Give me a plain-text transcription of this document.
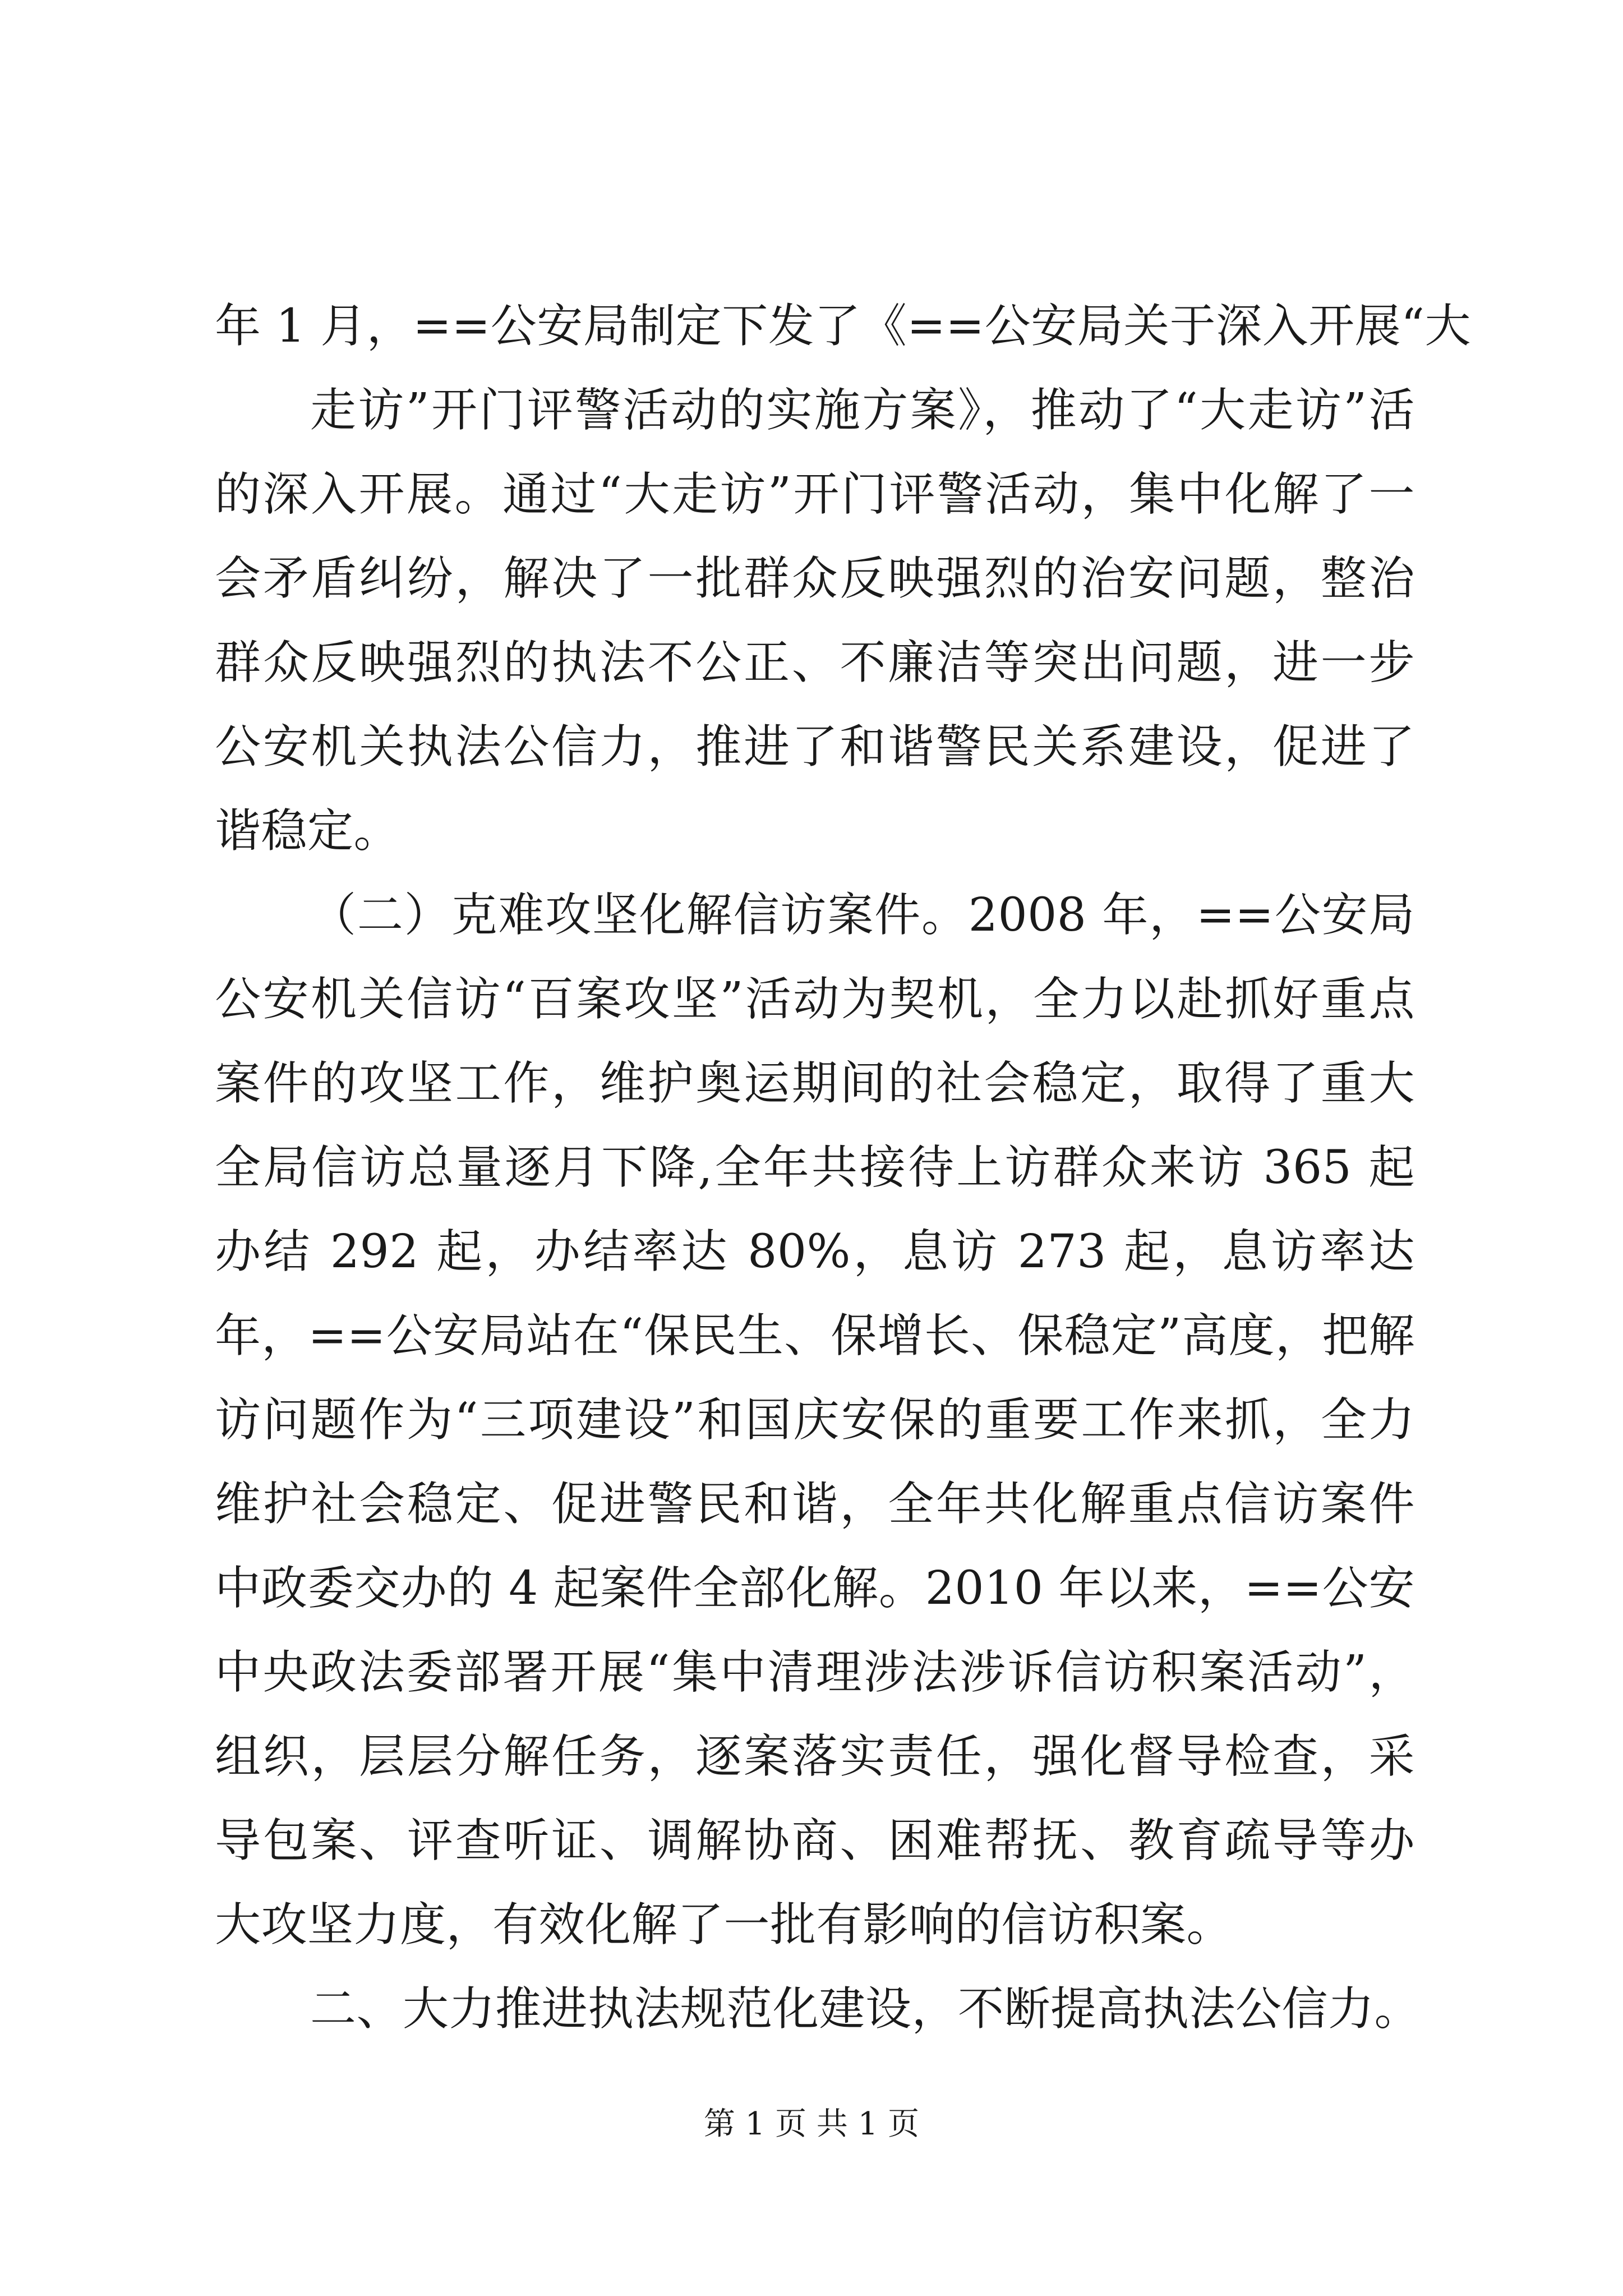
年 1 月，==公安局制定下发了《==公安局关于深入开展“大
走访”开门评警活动的实施方案》，推动了“大走访”活
的深入开展。通过“大走访”开门评警活动，集中化解了一
会矛盾纠纷，解决了一批群众反映强烈的治安问题，整治
群众反映强烈的执法不公正、不廉洁等突出问题，进一步
公安机关执法公信力，推进了和谐警民关系建设，促进了
谐稳定。
（二）克难攻坚化解信访案件。2008 年，==公安局
公安机关信访“百案攻坚”活动为契机，全力以赴抓好重点
案件的攻坚工作，维护奥运期间的社会稳定，取得了重大
全局信访总量逐月下降,全年共接待上访群众来访 365 起
办结 292 起，办结率达 80%，息访 273 起，息访率达
年，==公安局站在“保民生、保增长、保稳定”高度，把解
访问题作为“三项建设”和国庆安保的重要工作来抓，全力
维护社会稳定、促进警民和谐，全年共化解重点信访案件
中政委交办的 4 起案件全部化解。2010 年以来，==公安
中央政法委部署开展“集中清理涉法涉诉信访积案活动”，
组织，层层分解任务，逐案落实责任，强化督导检查，采
导包案、评查听证、调解协商、困难帮抚、教育疏导等办
大攻坚力度，有效化解了一批有影响的信访积案。
二、大力推进执法规范化建设，不断提高执法公信力。
第 1 页 共 1 页
